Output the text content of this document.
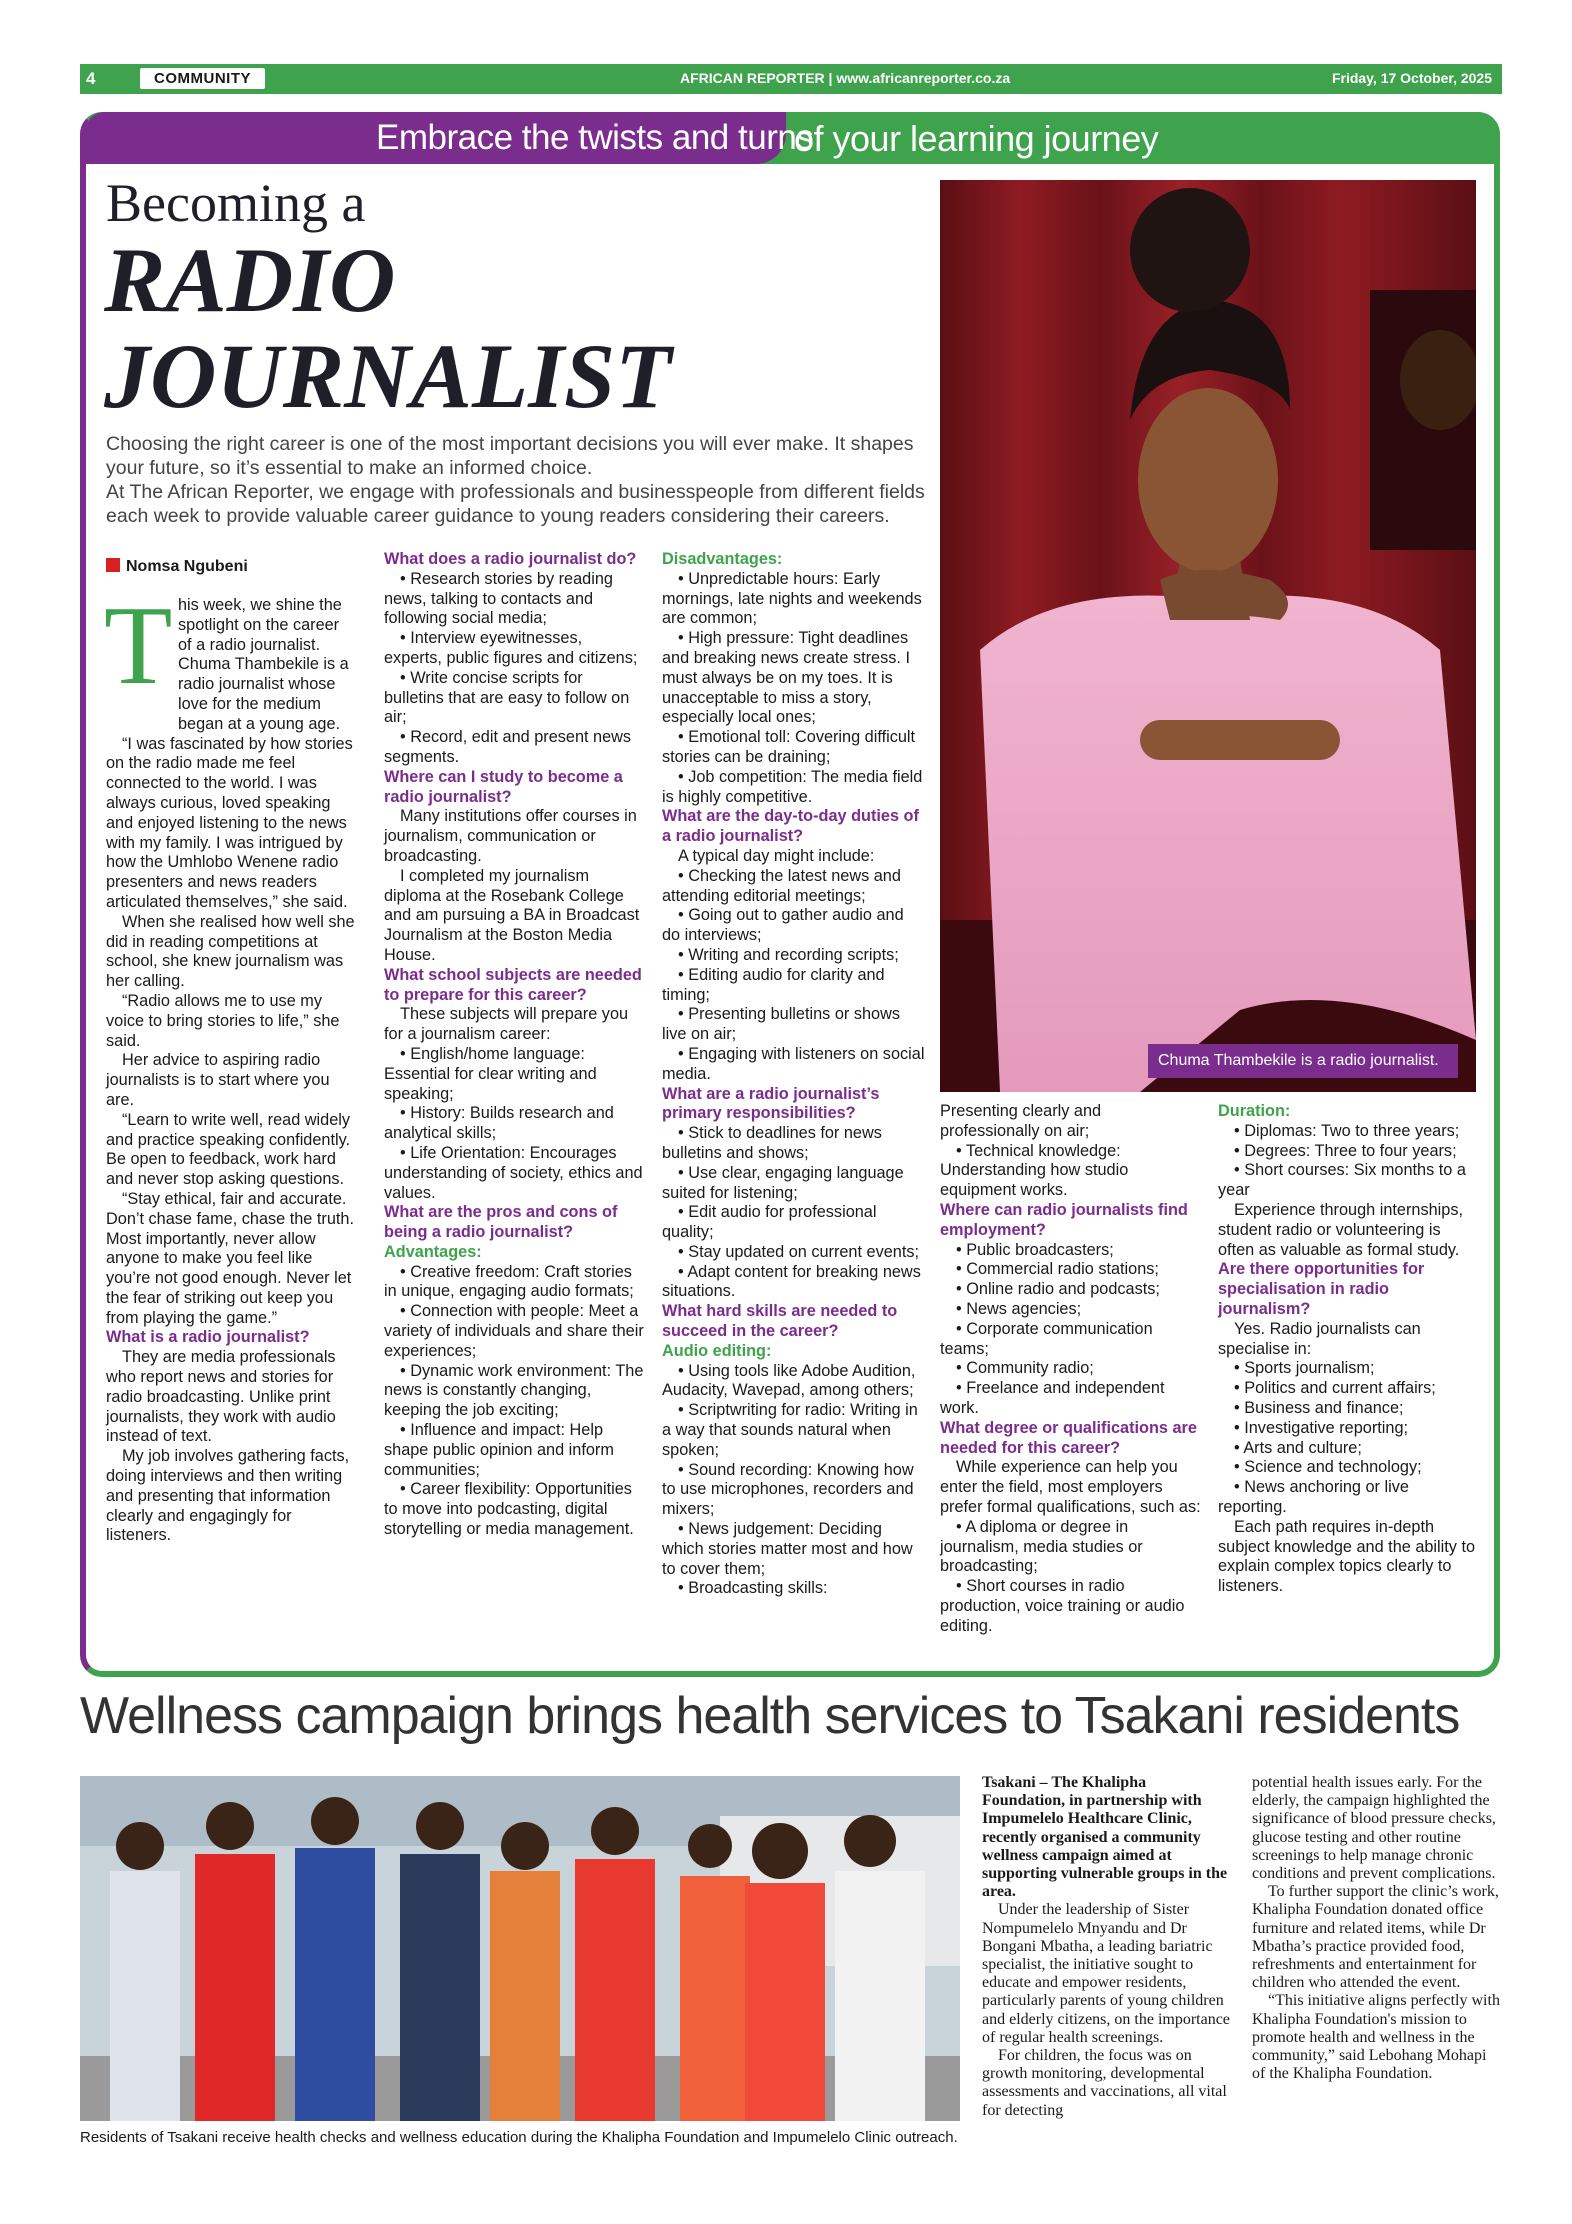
4	COMMUNITY	AFRICAN REPORTER | www.africanreporter.co.za	Friday, 17 October, 2025
Embrace the twists and turns
of your learning journey
Becoming a
RADIO
JOURNALIST

Choosing the right career is one of the most important decisions you will ever make. It shapes your future, so it’s essential to make an informed choice.

At The African Reporter, we engage with professionals and businesspeople from different fields each week to provide valuable career guidance to young readers considering their careers.

Chuma Thambekile is a radio journalist.
Nomsa Ngubeni
T his week, we shine the spotlight on the career of a radio journalist.

Chuma Thambekile is a radio journalist whose love for the medium began at a young age.

“I was fascinated by how stories on the radio made me feel connected to the world. I was always curious, loved speaking and enjoyed listening to the news with my family. I was intrigued by how the Umhlobo Wenene radio presenters and news readers articulated themselves,” she said.

When she realised how well she did in reading competitions at school, she knew journalism was her calling.

“Radio allows me to use my voice to bring stories to life,” she said.

Her advice to aspiring radio journalists is to start where you are.

“Learn to write well, read widely and practice speaking confidently. Be open to feedback, work hard and never stop asking questions.

“Stay ethical, fair and accurate. Don’t chase fame, chase the truth. Most importantly, never allow anyone to make you feel like you’re not good enough. Never let the fear of striking out keep you from playing the game.”

What is a radio journalist?

They are media professionals who report news and stories for radio broadcasting. Unlike print journalists, they work with audio instead of text.

My job involves gathering facts, doing interviews and then writing and presenting that information clearly and engagingly for listeners.

What does a radio journalist do?

• Research stories by reading news, talking to contacts and following social media;

• Interview eyewitnesses, experts, public figures and citizens;

• Write concise scripts for bulletins that are easy to follow on air;

• Record, edit and present news segments.

Where can I study to become a radio journalist?

Many institutions offer courses in journalism, communication or broadcasting.

I completed my journalism diploma at the Rosebank College and am pursuing a BA in Broadcast Journalism at the Boston Media House.

What school subjects are needed to prepare for this career?

These subjects will prepare you for a journalism career:

• English/home language: Essential for clear writing and speaking;

• History: Builds research and analytical skills;

• Life Orientation: Encourages understanding of society, ethics and values.

What are the pros and cons of being a radio journalist?

Advantages:

• Creative freedom: Craft stories in unique, engaging audio formats;

• Connection with people: Meet a variety of individuals and share their experiences;

• Dynamic work environment: The news is constantly changing, keeping the job exciting;

• Influence and impact: Help shape public opinion and inform communities;

• Career flexibility: Opportunities to move into podcasting, digital storytelling or media management.

Disadvantages:

• Unpredictable hours: Early mornings, late nights and weekends are common;

• High pressure: Tight deadlines and breaking news create stress. I must always be on my toes. It is unacceptable to miss a story, especially local ones;

• Emotional toll: Covering difficult stories can be draining;

• Job competition: The media field is highly competitive.

What are the day-to-day duties of a radio journalist?

A typical day might include:

• Checking the latest news and attending editorial meetings;

• Going out to gather audio and do interviews;

• Writing and recording scripts;

• Editing audio for clarity and timing;

• Presenting bulletins or shows live on air;

• Engaging with listeners on social media.

What are a radio journalist’s primary responsibilities?

• Stick to deadlines for news bulletins and shows;

• Use clear, engaging language suited for listening;

• Edit audio for professional quality;

• Stay updated on current events;

• Adapt content for breaking news situations.

What hard skills are needed to succeed in the career?

Audio editing:

• Using tools like Adobe Audition, Audacity, Wavepad, among others;

• Scriptwriting for radio: Writing in a way that sounds natural when spoken;

• Sound recording: Knowing how to use microphones, recorders and mixers;

• News judgement: Deciding which stories matter most and how to cover them;

• Broadcasting skills:

Presenting clearly and professionally on air;

• Technical knowledge: Understanding how studio equipment works.

Where can radio journalists find employment?

• Public broadcasters;

• Commercial radio stations;

• Online radio and podcasts;

• News agencies;

• Corporate communication teams;

• Community radio;

• Freelance and independent work.

What degree or qualifications are needed for this career?

While experience can help you enter the field, most employers prefer formal qualifications, such as:

• A diploma or degree in journalism, media studies or broadcasting;

• Short courses in radio production, voice training or audio editing.

Duration:

• Diplomas: Two to three years;

• Degrees: Three to four years;

• Short courses: Six months to a year

Experience through internships, student radio or volunteering is often as valuable as formal study.

Are there opportunities for specialisation in radio journalism?

Yes. Radio journalists can specialise in:

• Sports journalism;

• Politics and current affairs;

• Business and finance;

• Investigative reporting;

• Arts and culture;

• Science and technology;

• News anchoring or live reporting.

Each path requires in-depth subject knowledge and the ability to explain complex topics clearly to listeners.

Wellness campaign brings health services to Tsakani residents
Residents of Tsakani receive health checks and wellness education during the Khalipha Foundation and Impumelelo Clinic outreach.

Tsakani – The Khalipha Foundation, in partnership with Impumelelo Healthcare Clinic, recently organised a community wellness campaign aimed at supporting vulnerable groups in the area.

Under the leadership of Sister Nompumelelo Mnyandu and Dr Bongani Mbatha, a leading bariatric specialist, the initiative sought to educate and empower residents, particularly parents of young children and elderly citizens, on the importance of regular health screenings.

For children, the focus was on growth monitoring, developmental assessments and vaccinations, all vital for detecting

potential health issues early. For the elderly, the campaign highlighted the significance of blood pressure checks, glucose testing and other routine screenings to help manage chronic conditions and prevent complications.

To further support the clinic’s work, Khalipha Foundation donated office furniture and related items, while Dr Mbatha’s practice provided food, refreshments and entertainment for children who attended the event.

“This initiative aligns perfectly with Khalipha Foundation's mission to promote health and wellness in the community,” said Lebohang Mohapi of the Khalipha Foundation.
